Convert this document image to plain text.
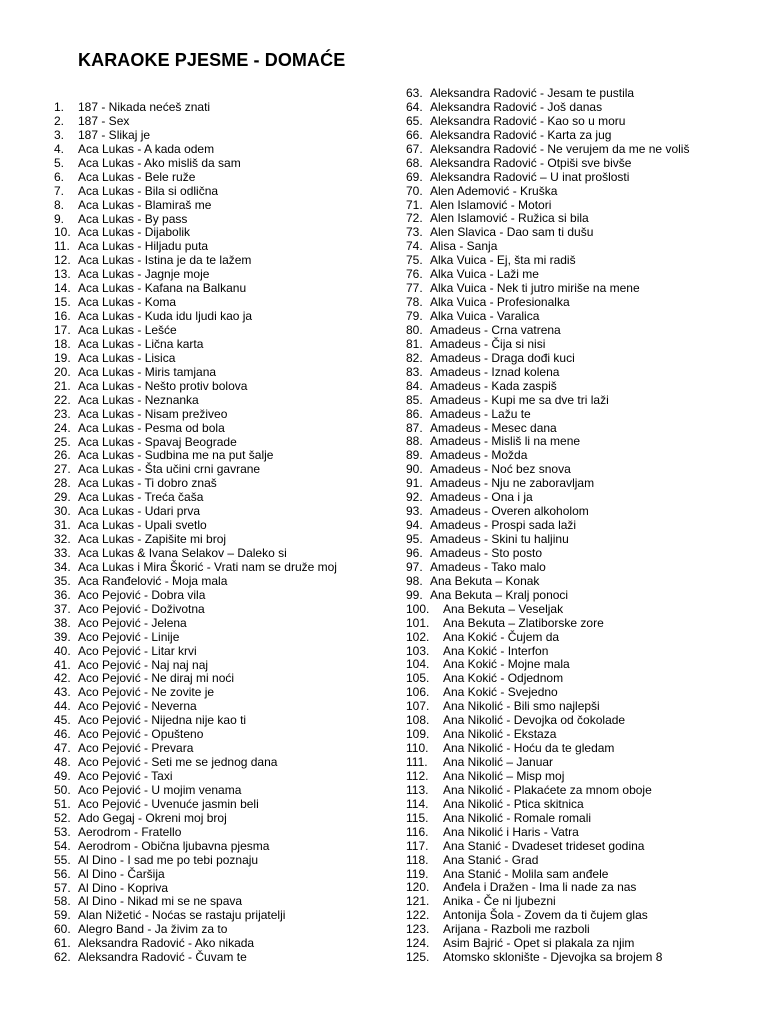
KARAOKE PJESME - DOMAĆE
1. 187 - Nikada nećeš znati
2. 187 - Sex
3. 187 - Slikaj je
4. Aca Lukas - A kada odem
5. Aca Lukas - Ako misliš da sam
6. Aca Lukas - Bele ruže
7. Aca Lukas - Bila si odlična
8. Aca Lukas - Blamiraš me
9. Aca Lukas - By pass
10. Aca Lukas - Dijabolik
11. Aca Lukas - Hiljadu puta
12. Aca Lukas - Istina je da te lažem
13. Aca Lukas - Jagnje moje
14. Aca Lukas - Kafana na Balkanu
15. Aca Lukas - Koma
16. Aca Lukas - Kuda idu ljudi kao ja
17. Aca Lukas - Lešće
18. Aca Lukas - Lična karta
19. Aca Lukas - Lisica
20. Aca Lukas - Miris tamjana
21. Aca Lukas - Nešto protiv bolova
22. Aca Lukas - Neznanka
23. Aca Lukas - Nisam preživeo
24. Aca Lukas - Pesma od bola
25. Aca Lukas - Spavaj Beograde
26. Aca Lukas - Sudbina me na put šalje
27. Aca Lukas - Šta učini crni gavrane
28. Aca Lukas - Ti dobro znaš
29. Aca Lukas - Treća čaša
30. Aca Lukas - Udari prva
31. Aca Lukas - Upali svetlo
32. Aca Lukas - Zapišite mi broj
33. Aca Lukas & Ivana Selakov – Daleko si
34. Aca Lukas i Mira Škorić - Vrati nam se druže moj
35. Aca Ranđelović - Moja mala
36. Aco Pejović - Dobra vila
37. Aco Pejović - Doživotna
38. Aco Pejović - Jelena
39. Aco Pejović - Linije
40. Aco Pejović - Litar krvi
41. Aco Pejović - Naj naj naj
42. Aco Pejović - Ne diraj mi noći
43. Aco Pejović - Ne zovite je
44. Aco Pejović - Neverna
45. Aco Pejović - Nijedna nije kao ti
46. Aco Pejović - Opušteno
47. Aco Pejović - Prevara
48. Aco Pejović - Seti me se jednog dana
49. Aco Pejović - Taxi
50. Aco Pejović - U mojim venama
51. Aco Pejović - Uvenuće jasmin beli
52. Ado Gegaj - Okreni moj broj
53. Aerodrom - Fratello
54. Aerodrom - Obična ljubavna pjesma
55. Al Dino - I sad me po tebi poznaju
56. Al Dino - Čaršija
57. Al Dino - Kopriva
58. Al Dino - Nikad mi se ne spava
59. Alan Nižetić - Noćas se rastaju prijatelji
60. Alegro Band - Ja živim za to
61. Aleksandra Radović - Ako nikada
62. Aleksandra Radović - Čuvam te
63. Aleksandra Radović - Jesam te pustila
64. Aleksandra Radović - Još danas
65. Aleksandra Radović - Kao so u moru
66. Aleksandra Radović - Karta za jug
67. Aleksandra Radović - Ne verujem da me ne voliš
68. Aleksandra Radović - Otpiši sve bivše
69. Aleksandra Radović – U inat prošlosti
70. Alen Ademović - Kruška
71. Alen Islamović - Motori
72. Alen Islamović - Ružica si bila
73. Alen Slavica - Dao sam ti dušu
74. Alisa - Sanja
75. Alka Vuica - Ej, šta mi radiš
76. Alka Vuica - Laži me
77. Alka Vuica - Nek ti jutro miriše na mene
78. Alka Vuica - Profesionalka
79. Alka Vuica - Varalica
80. Amadeus - Crna vatrena
81. Amadeus - Čija si nisi
82. Amadeus - Draga dođi kuci
83. Amadeus - Iznad kolena
84. Amadeus - Kada zaspiš
85. Amadeus - Kupi me sa dve tri laži
86. Amadeus - Lažu te
87. Amadeus - Mesec dana
88. Amadeus - Misliš li na mene
89. Amadeus - Možda
90. Amadeus - Noć bez snova
91. Amadeus - Nju ne zaboravljam
92. Amadeus - Ona i ja
93. Amadeus - Overen alkoholom
94. Amadeus - Prospi sada laži
95. Amadeus - Skini tu haljinu
96. Amadeus - Sto posto
97. Amadeus - Tako malo
98. Ana Bekuta – Konak
99. Ana Bekuta – Kralj ponoci
100. Ana Bekuta – Veseljak
101. Ana Bekuta – Zlatiborske zore
102. Ana Kokić - Čujem da
103. Ana Kokić - Interfon
104. Ana Kokić - Mojne mala
105. Ana Kokić - Odjednom
106. Ana Kokić - Svejedno
107. Ana Nikolić - Bili smo najlepši
108. Ana Nikolić - Devojka od čokolade
109. Ana Nikolić - Ekstaza
110. Ana Nikolić - Hoću da te gledam
111. Ana Nikolić – Januar
112. Ana Nikolić – Misp moj
113. Ana Nikolić - Plakaćete za mnom oboje
114. Ana Nikolić - Ptica skitnica
115. Ana Nikolić - Romale romali
116. Ana Nikolić i Haris - Vatra
117. Ana Stanić - Dvadeset trideset godina
118. Ana Stanić - Grad
119. Ana Stanić - Molila sam anđele
120. Anđela i Dražen - Ima li nade za nas
121. Anika - Če ni ljubezni
122. Antonija Šola - Zovem da ti čujem glas
123. Arijana - Razboli me razboli
124. Asim Bajrić - Opet si plakala za njim
125. Atomsko sklonište - Djevojka sa brojem 8
